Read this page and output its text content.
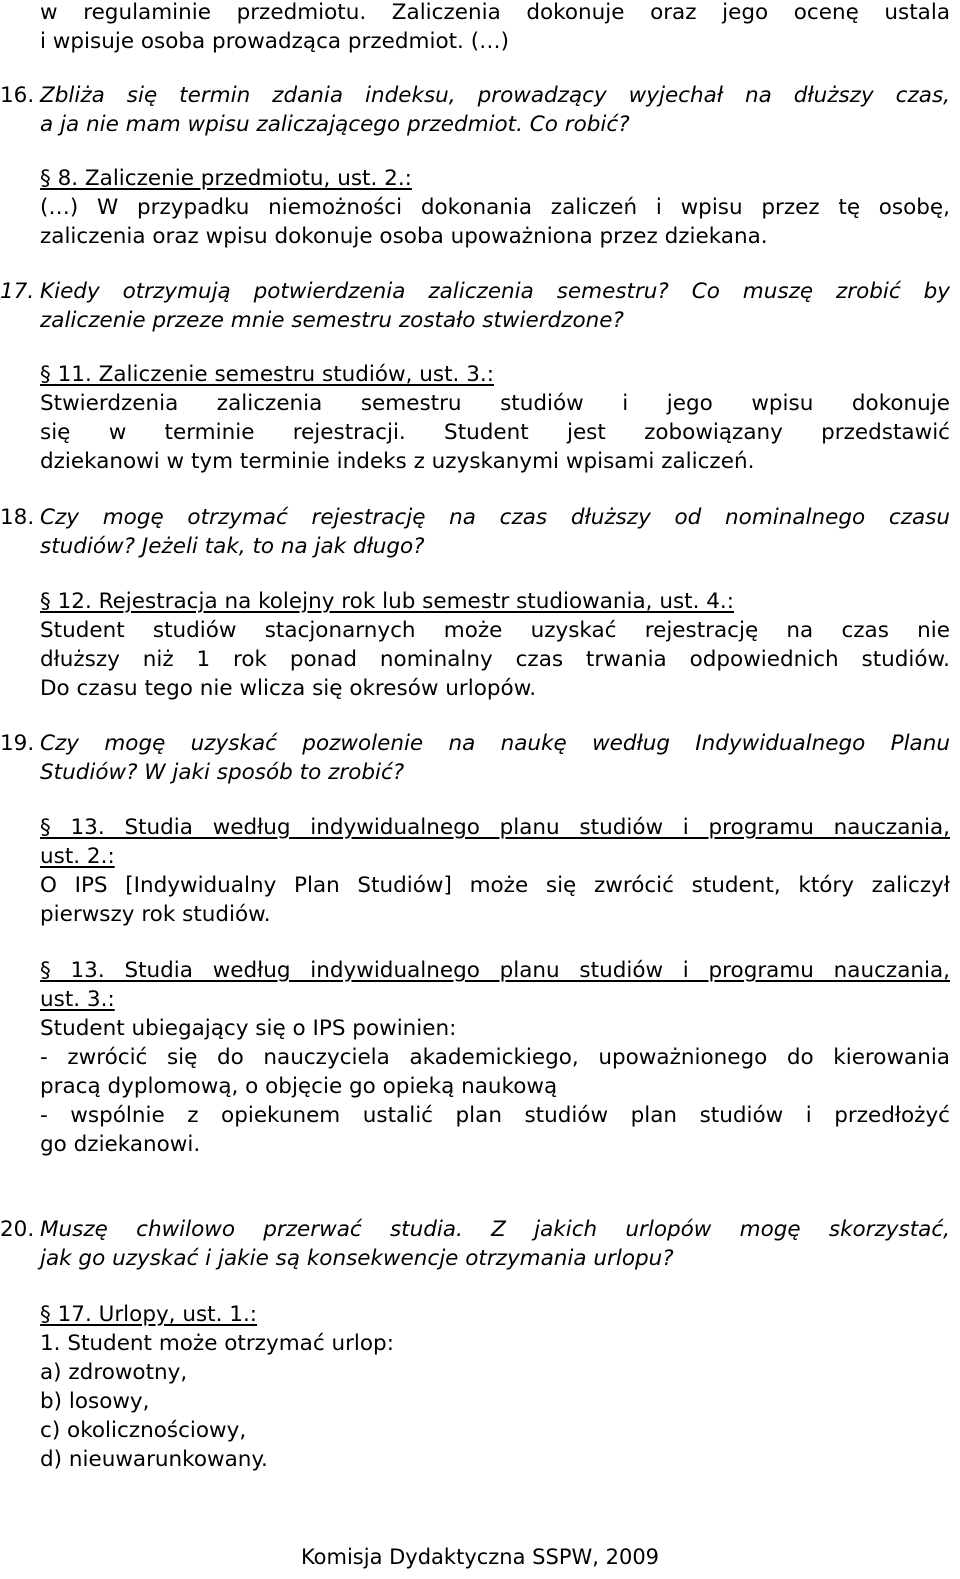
w regulaminie przedmiotu. Zaliczenia dokonuje oraz jego ocenę ustala
i wpisuje osoba prowadząca przedmiot. (…)
16. Zbliża się termin zdania indeksu, prowadzący wyjechał na dłuższy czas,
a ja nie mam wpisu zaliczającego przedmiot. Co robić?
§ 8. Zaliczenie przedmiotu, ust. 2.:
(…) W przypadku niemożności dokonania zaliczeń i wpisu przez tę osobę,
zaliczenia oraz wpisu dokonuje osoba upoważniona przez dziekana.
17. Kiedy otrzymują potwierdzenia zaliczenia semestru? Co muszę zrobić by
zaliczenie przeze mnie semestru zostało stwierdzone?
§ 11. Zaliczenie semestru studiów, ust. 3.:
Stwierdzenia zaliczenia semestru studiów i jego wpisu dokonuje
się w terminie rejestracji. Student jest zobowiązany przedstawić
dziekanowi w tym terminie indeks z uzyskanymi wpisami zaliczeń.
18. Czy mogę otrzymać rejestrację na czas dłuższy od nominalnego czasu
studiów? Jeżeli tak, to na jak długo?
§ 12. Rejestracja na kolejny rok lub semestr studiowania, ust. 4.:
Student studiów stacjonarnych może uzyskać rejestrację na czas nie
dłuższy niż 1 rok ponad nominalny czas trwania odpowiednich studiów.
Do czasu tego nie wlicza się okresów urlopów.
19. Czy mogę uzyskać pozwolenie na naukę według Indywidualnego Planu
Studiów? W jaki sposób to zrobić?
§ 13. Studia według indywidualnego planu studiów i programu nauczania,
ust. 2.:
O IPS [Indywidualny Plan Studiów] może się zwrócić student, który zaliczył
pierwszy rok studiów.
§ 13. Studia według indywidualnego planu studiów i programu nauczania,
ust. 3.:
Student ubiegający się o IPS powinien:
- zwrócić się do nauczyciela akademickiego, upoważnionego do kierowania
pracą dyplomową, o objęcie go opieką naukową
- wspólnie z opiekunem ustalić plan studiów plan studiów i przedłożyć
go dziekanowi.
20. Muszę chwilowo przerwać studia. Z jakich urlopów mogę skorzystać,
jak go uzyskać i jakie są konsekwencje otrzymania urlopu?
§ 17. Urlopy, ust. 1.:
1. Student może otrzymać urlop:
a) zdrowotny,
b) losowy,
c) okolicznościowy,
d) nieuwarunkowany.
Komisja Dydaktyczna SSPW, 2009
